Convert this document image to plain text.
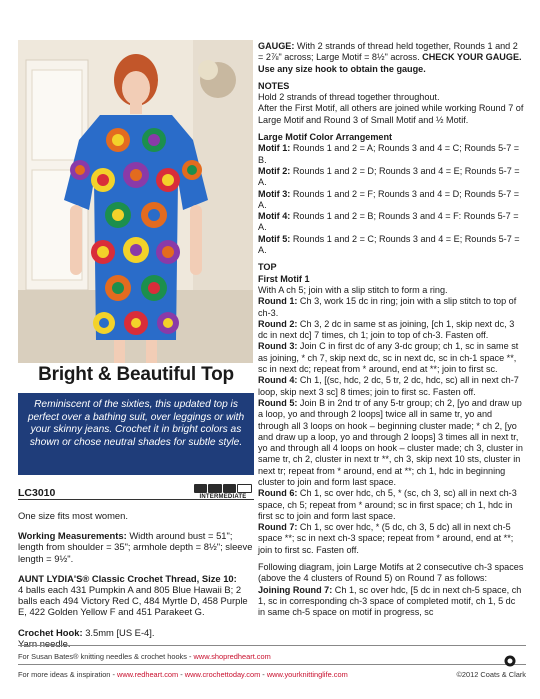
Bright & Beautiful Top
Reminiscent of the sixties, this updated top is perfect over a bathing suit, over leggings or with your skinny jeans. Crochet it in bright colors as shown or chose neutral shades for subtle style.
LC3010	INTERMEDIATE

One size fits most women.

Working Measurements: Width around bust = 51"; length from shoulder = 35"; armhole depth = 8½"; sleeve length = 9½".

AUNT LYDIA'S® Classic Crochet Thread, Size 10:
4 balls each 431 Pumpkin A and 805 Blue Hawaii B; 2 balls each 494 Victory Red C, 484 Myrtle D, 458 Purple E, 422 Golden Yellow F and 451 Parakeet G.

Crochet Hook: 3.5mm [US E-4].
Yarn needle.

GAUGE: With 2 strands of thread held together, Rounds 1 and 2 = 2⅞" across; Large Motif = 8½" across. CHECK YOUR GAUGE. Use any size hook to obtain the gauge.

NOTES

Hold 2 strands of thread together throughout.

After the First Motif, all others are joined while working Round 7 of Large Motif and Round 3 of Small Motif and ½ Motif.

Large Motif Color Arrangement

Motif 1: Rounds 1 and 2 = A; Rounds 3 and 4 = C; Rounds 5-7 = B.

Motif 2: Rounds 1 and 2 = D; Rounds 3 and 4 = E; Rounds 5-7 = A.

Motif 3: Rounds 1 and 2 = F; Rounds 3 and 4 = D; Rounds 5-7 = A.

Motif 4: Rounds 1 and 2 = B; Rounds 3 and 4 = F: Rounds 5-7 = A.

Motif 5: Rounds 1 and 2 = C; Rounds 3 and 4 = E; Rounds 5-7 = A.

TOP

First Motif 1

With A ch 5; join with a slip stitch to form a ring.

Round 1: Ch 3, work 15 dc in ring; join with a slip stitch to top of ch-3.

Round 2: Ch 3, 2 dc in same st as joining, [ch 1, skip next dc, 3 dc in next dc] 7 times, ch 1; join to top of ch-3. Fasten off.

Round 3: Join C in first dc of any 3-dc group; ch 1, sc in same st as joining, * ch 7, skip next dc, sc in next dc, sc in ch-1 space **, sc in next dc; repeat from * around, end at **; join to first sc.

Round 4: Ch 1, [(sc, hdc, 2 dc, 5 tr, 2 dc, hdc, sc) all in next ch-7 loop, skip next 3 sc] 8 times; join to first sc. Fasten off.

Round 5: Join B in 2nd tr of any 5-tr group; ch 2, [yo and draw up a loop, yo and through 2 loops] twice all in same tr, yo and through all 3 loops on hook – beginning cluster made; * ch 2, [yo and draw up a loop, yo and through 2 loops] 3 times all in next tr, yo and through all 4 loops on hook – cluster made; ch 3, cluster in same tr, ch 2, cluster in next tr **, ch 3, skip next 10 sts, cluster in next tr; repeat from * around, end at **; ch 1, hdc in beginning cluster to join and form last space.

Round 6: Ch 1, sc over hdc, ch 5, * (sc, ch 3, sc) all in next ch-3 space, ch 5; repeat from * around; sc in first space; ch 1, hdc in first sc to join and form last space.

Round 7: Ch 1, sc over hdc, * (5 dc, ch 3, 5 dc) all in next ch-5 space **; sc in next ch-3 space; repeat from * around, end at **; join to first sc. Fasten off.

Following diagram, join Large Motifs at 2 consecutive ch-3 spaces (above the 4 clusters of Round 5) on Round 7 as follows:

Joining Round 7: Ch 1, sc over hdc, [5 dc in next ch-5 space, ch 1, sc in corresponding ch-3 space of completed motif, ch 1, 5 dc in same ch-5 space on motif in progress, sc

For Susan Bates® knitting needles & crochet hooks - www.shopredheart.com
For more ideas & inspiration - www.redheart.com - www.crochettoday.com - www.yourknittinglife.com	©2012 Coats & Clark
